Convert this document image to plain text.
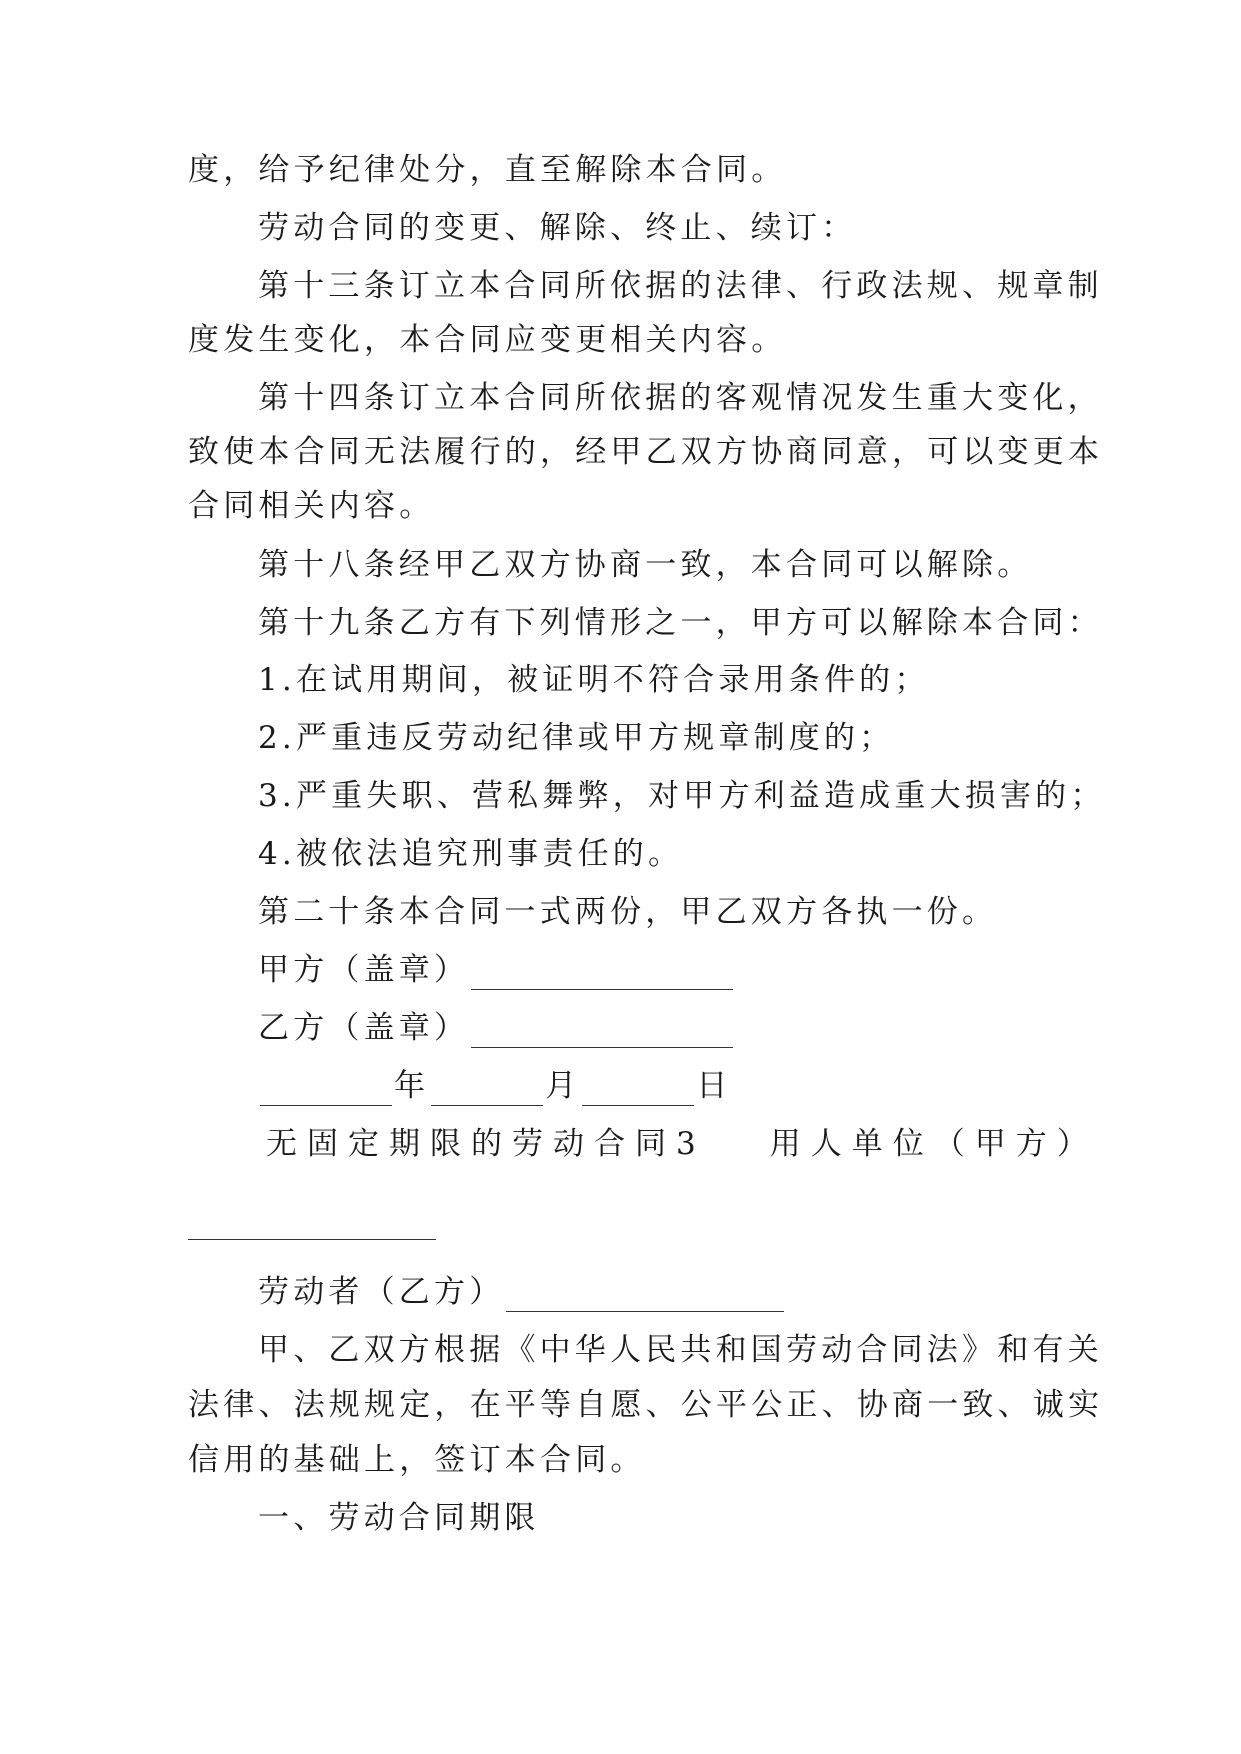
度，给予纪律处分，直至解除本合同。
劳动合同的变更、解除、终止、续订：
第十三条订立本合同所依据的法律、行政法规、规章制
度发生变化，本合同应变更相关内容。
第十四条订立本合同所依据的客观情况发生重大变化，
致使本合同无法履行的，经甲乙双方协商同意，可以变更本
合同相关内容。
第十八条经甲乙双方协商一致，本合同可以解除。
第十九条乙方有下列情形之一，甲方可以解除本合同：
1.在试用期间，被证明不符合录用条件的；
2.严重违反劳动纪律或甲方规章制度的；
3.严重失职、营私舞弊，对甲方利益造成重大损害的；
4.被依法追究刑事责任的。
第二十条本合同一式两份，甲乙双方各执一份。
甲方（盖章）
乙方（盖章）
年	月	日
无固定期限的劳动合同3 用人单位（甲方）
劳动者（乙方）
甲、乙双方根据《中华人民共和国劳动合同法》和有关
法律、法规规定，在平等自愿、公平公正、协商一致、诚实
信用的基础上，签订本合同。
一、劳动合同期限
